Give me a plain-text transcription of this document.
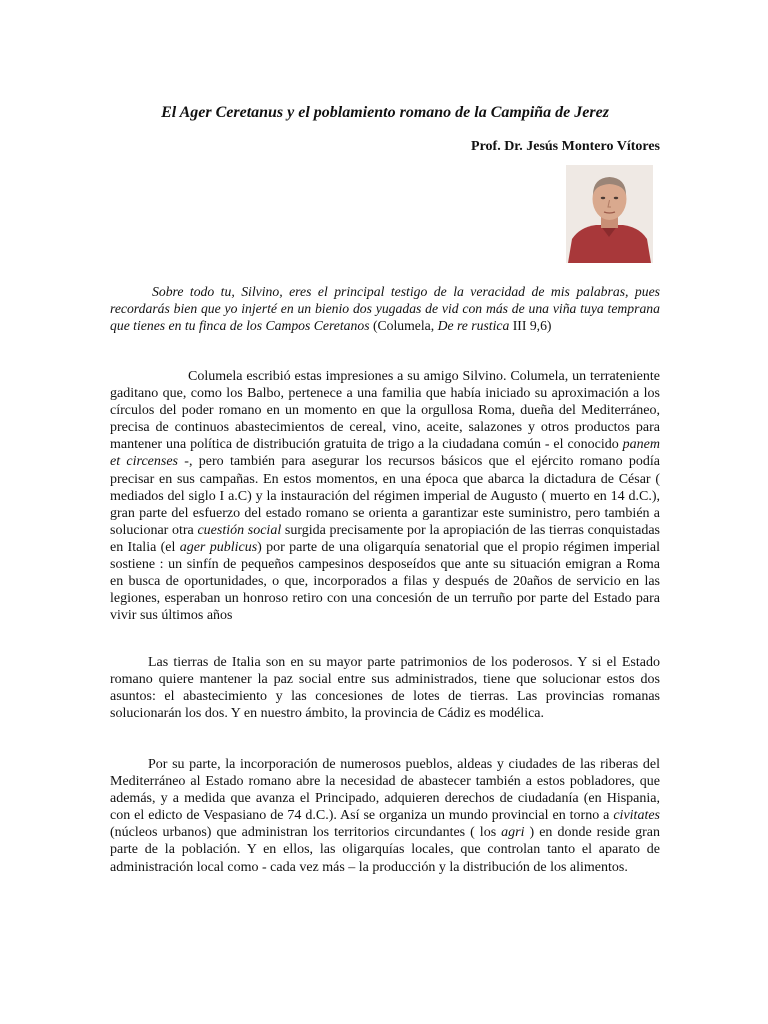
El Ager Ceretanus y el poblamiento romano de la Campiña de Jerez
Prof. Dr. Jesús Montero Vítores

Sobre todo tu, Silvino, eres el principal testigo de la veracidad de mis palabras, pues recordarás bien que yo injerté en un bienio dos yugadas de vid con más de una viña tuya temprana que tienes en tu finca de los Campos Ceretanos (Columela, De re rustica III 9,6)

Columela escribió estas impresiones a su amigo Silvino. Columela, un terrateniente gaditano que, como los Balbo, pertenece a una familia que había iniciado su aproximación a los círculos del poder romano en un momento en que la orgullosa Roma, dueña del Mediterráneo, precisa de continuos abastecimientos de cereal, vino, aceite, salazones y otros productos para mantener una política de distribución gratuita de trigo a la ciudadana común - el conocido panem et circenses -, pero también para asegurar los recursos básicos que el ejército romano podía precisar en sus campañas. En estos momentos, en una época que abarca la dictadura de César ( mediados del siglo I a.C) y la instauración del régimen imperial de Augusto ( muerto en 14 d.C.), gran parte del esfuerzo del estado romano se orienta a garantizar este suministro, pero también a solucionar otra cuestión social surgida precisamente por la apropiación de las tierras conquistadas en Italia (el ager publicus) por parte de una oligarquía senatorial que el propio régimen imperial sostiene : un sinfín de pequeños campesinos desposeídos que ante su situación emigran a Roma en busca de oportunidades, o que, incorporados a filas y después de 20años de servicio en las legiones, esperaban un honroso retiro con una concesión de un terruño por parte del Estado para vivir sus últimos años

Las tierras de Italia son en su mayor parte patrimonios de los poderosos. Y si el Estado romano quiere mantener la paz social entre sus administrados, tiene que solucionar estos dos asuntos: el abastecimiento y las concesiones de lotes de tierras. Las provincias romanas solucionarán los dos. Y en nuestro ámbito, la provincia de Cádiz es modélica.

Por su parte, la incorporación de numerosos pueblos, aldeas y ciudades de las riberas del Mediterráneo al Estado romano abre la necesidad de abastecer también a estos pobladores, que además, y a medida que avanza el Principado, adquieren derechos de ciudadanía (en Hispania, con el edicto de Vespasiano de 74 d.C.). Así se organiza un mundo provincial en torno a civitates (núcleos urbanos) que administran los territorios circundantes ( los agri ) en donde reside gran parte de la población. Y en ellos, las oligarquías locales, que controlan tanto el aparato de administración local como - cada vez más – la producción y la distribución de los alimentos.
